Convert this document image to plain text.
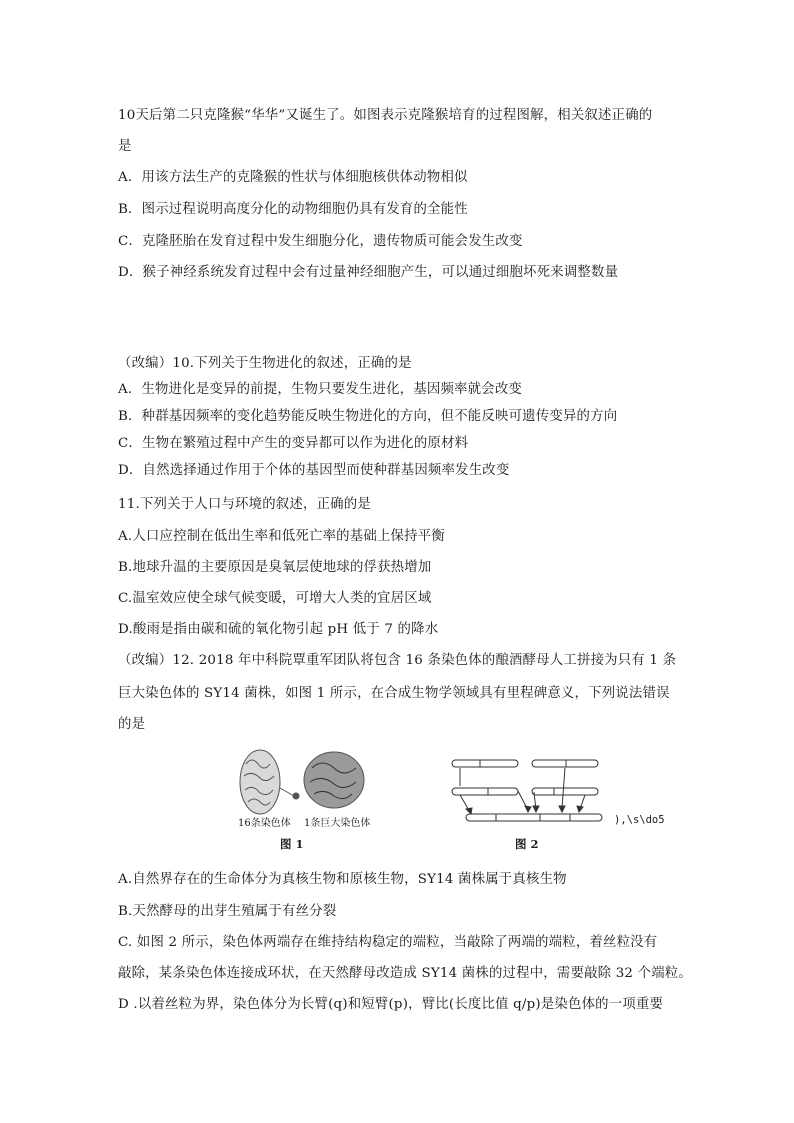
10天后第二只克隆猴“华华”又诞生了。如图表示克隆猴培育的过程图解，相关叙述正确的
是
A．用该方法生产的克隆猴的性状与体细胞核供体动物相似
B．图示过程说明高度分化的动物细胞仍具有发育的全能性
C．克隆胚胎在发育过程中发生细胞分化，遗传物质可能会发生改变
D．猴子神经系统发育过程中会有过量神经细胞产生，可以通过细胞坏死来调整数量
（改编）10.下列关于生物进化的叙述，正确的是
A．生物进化是变异的前提，生物只要发生进化，基因频率就会改变
B．种群基因频率的变化趋势能反映生物进化的方向，但不能反映可遗传变异的方向
C．生物在繁殖过程中产生的变异都可以作为进化的原材料
D．自然选择通过作用于个体的基因型而使种群基因频率发生改变
11.下列关于人口与环境的叙述，正确的是
A.人口应控制在低出生率和低死亡率的基础上保持平衡
B.地球升温的主要原因是臭氧层使地球的俘获热增加
C.温室效应使全球气候变暖，可增大人类的宜居区域
D.酸雨是指由碳和硫的氧化物引起 pH 低于 7 的降水
（改编）12. 2018 年中科院覃重军团队将包含 16 条染色体的酿酒酵母人工拼接为只有 1 条
巨大染色体的 SY14 菌株，如图 1 所示，在合成生物学领域具有里程碑意义，下列说法错误
的是
16条染色体 1条巨大染色体
图 1
),\s\do5
图 2
A.自然界存在的生命体分为真核生物和原核生物，SY14 菌株属于真核生物
B.天然酵母的出芽生殖属于有丝分裂
C. 如图 2 所示，染色体两端存在维持结构稳定的端粒，当敲除了两端的端粒，着丝粒没有
敲除，某条染色体连接成环状，在天然酵母改造成 SY14 菌株的过程中，需要敲除 32 个端粒。
D .以着丝粒为界，染色体分为长臂(q)和短臂(p)，臂比(长度比值 q/p)是染色体的一项重要
